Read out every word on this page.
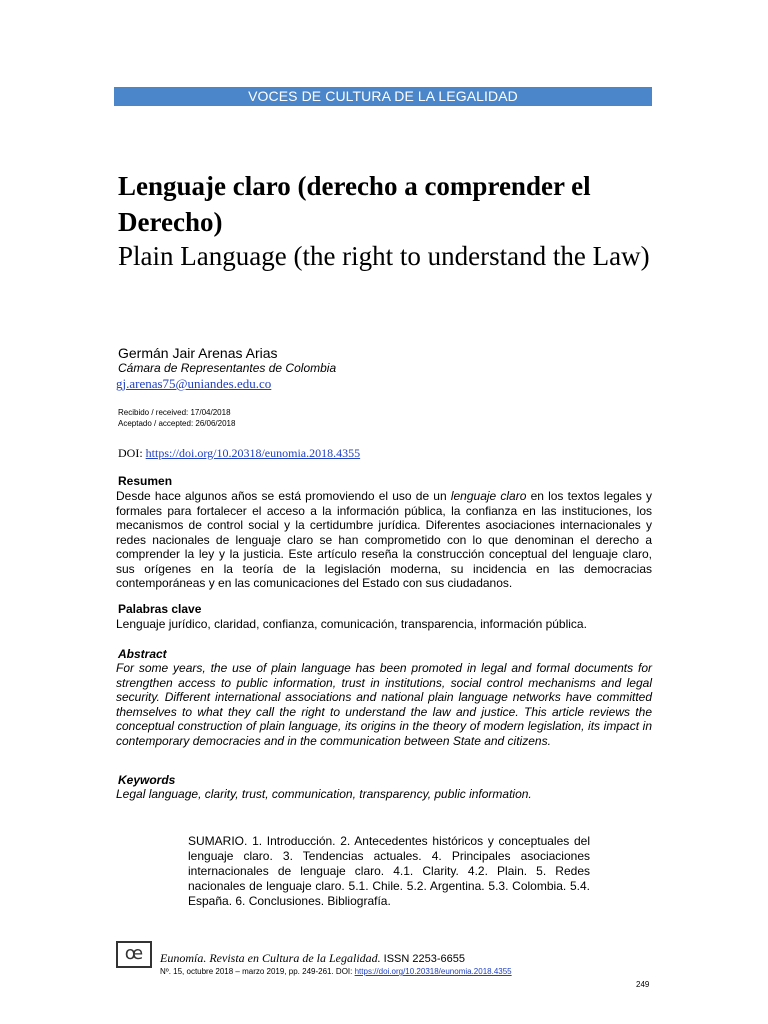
VOCES DE CULTURA DE LA LEGALIDAD
Lenguaje claro (derecho a comprender el Derecho)
Plain Language (the right to understand the Law)
Germán Jair Arenas Arias
Cámara de Representantes de Colombia
gj.arenas75@uniandes.edu.co
Recibido / received: 17/04/2018
Aceptado / accepted: 26/06/2018
DOI: https://doi.org/10.20318/eunomia.2018.4355
Resumen
Desde hace algunos años se está promoviendo el uso de un lenguaje claro en los textos legales y formales para fortalecer el acceso a la información pública, la confianza en las instituciones, los mecanismos de control social y la certidumbre jurídica. Diferentes asociaciones internacionales y redes nacionales de lenguaje claro se han comprometido con lo que denominan el derecho a comprender la ley y la justicia. Este artículo reseña la construcción conceptual del lenguaje claro, sus orígenes en la teoría de la legislación moderna, su incidencia en las democracias contemporáneas y en las comunicaciones del Estado con sus ciudadanos.
Palabras clave
Lenguaje jurídico, claridad, confianza, comunicación, transparencia, información pública.
Abstract
For some years, the use of plain language has been promoted in legal and formal documents for strengthen access to public information, trust in institutions, social control mechanisms and legal security. Different international associations and national plain language networks have committed themselves to what they call the right to understand the law and justice. This article reviews the conceptual construction of plain language, its origins in the theory of modern legislation, its impact in contemporary democracies and in the communication between State and citizens.
Keywords
Legal language, clarity, trust, communication, transparency, public information.
SUMARIO. 1. Introducción. 2. Antecedentes históricos y conceptuales del lenguaje claro. 3. Tendencias actuales. 4. Principales asociaciones internacionales de lenguaje claro. 4.1. Clarity. 4.2. Plain. 5. Redes nacionales de lenguaje claro. 5.1. Chile. 5.2. Argentina. 5.3. Colombia. 5.4. España. 6. Conclusiones. Bibliografía.
œ	Eunomía. Revista en Cultura de la Legalidad. ISSN 2253-6655
Nº. 15, octubre 2018 – marzo 2019, pp. 249-261. DOI: https://doi.org/10.20318/eunomia.2018.4355
249
